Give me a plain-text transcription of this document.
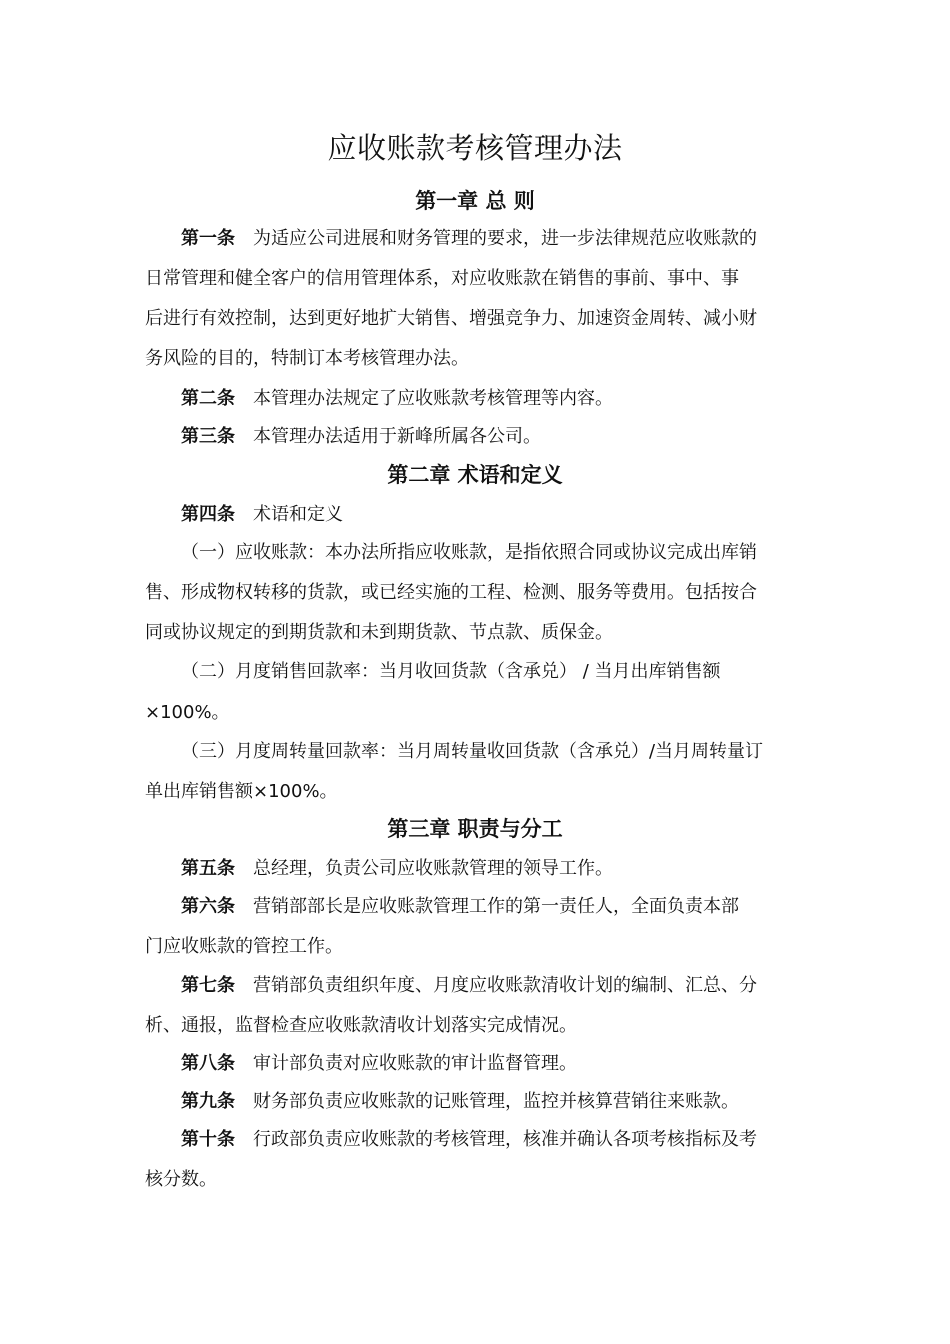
应收账款考核管理办法
第一章 总 则
第一条 为适应公司进展和财务管理的要求，进一步法律规范应收账款的
日常管理和健全客户的信用管理体系，对应收账款在销售的事前、事中、事
后进行有效控制，达到更好地扩大销售、增强竞争力、加速资金周转、减小财
务风险的目的，特制订本考核管理办法。
第二条 本管理办法规定了应收账款考核管理等内容。
第三条 本管理办法适用于新峰所属各公司。
第二章 术语和定义
第四条 术语和定义
（一）应收账款：本办法所指应收账款，是指依照合同或协议完成出库销
售、形成物权转移的货款，或已经实施的工程、检测、服务等费用。包括按合
同或协议规定的到期货款和未到期货款、节点款、质保金。
（二）月度销售回款率：当月收回货款（含承兑） / 当月出库销售额
×100%。
（三）月度周转量回款率：当月周转量收回货款（含承兑）/当月周转量订
单出库销售额×100%。
第三章 职责与分工
第五条 总经理，负责公司应收账款管理的领导工作。
第六条 营销部部长是应收账款管理工作的第一责任人，全面负责本部
门应收账款的管控工作。
第七条 营销部负责组织年度、月度应收账款清收计划的编制、汇总、分
析、通报，监督检查应收账款清收计划落实完成情况。
第八条 审计部负责对应收账款的审计监督管理。
第九条 财务部负责应收账款的记账管理，监控并核算营销往来账款。
第十条 行政部负责应收账款的考核管理，核准并确认各项考核指标及考
核分数。
